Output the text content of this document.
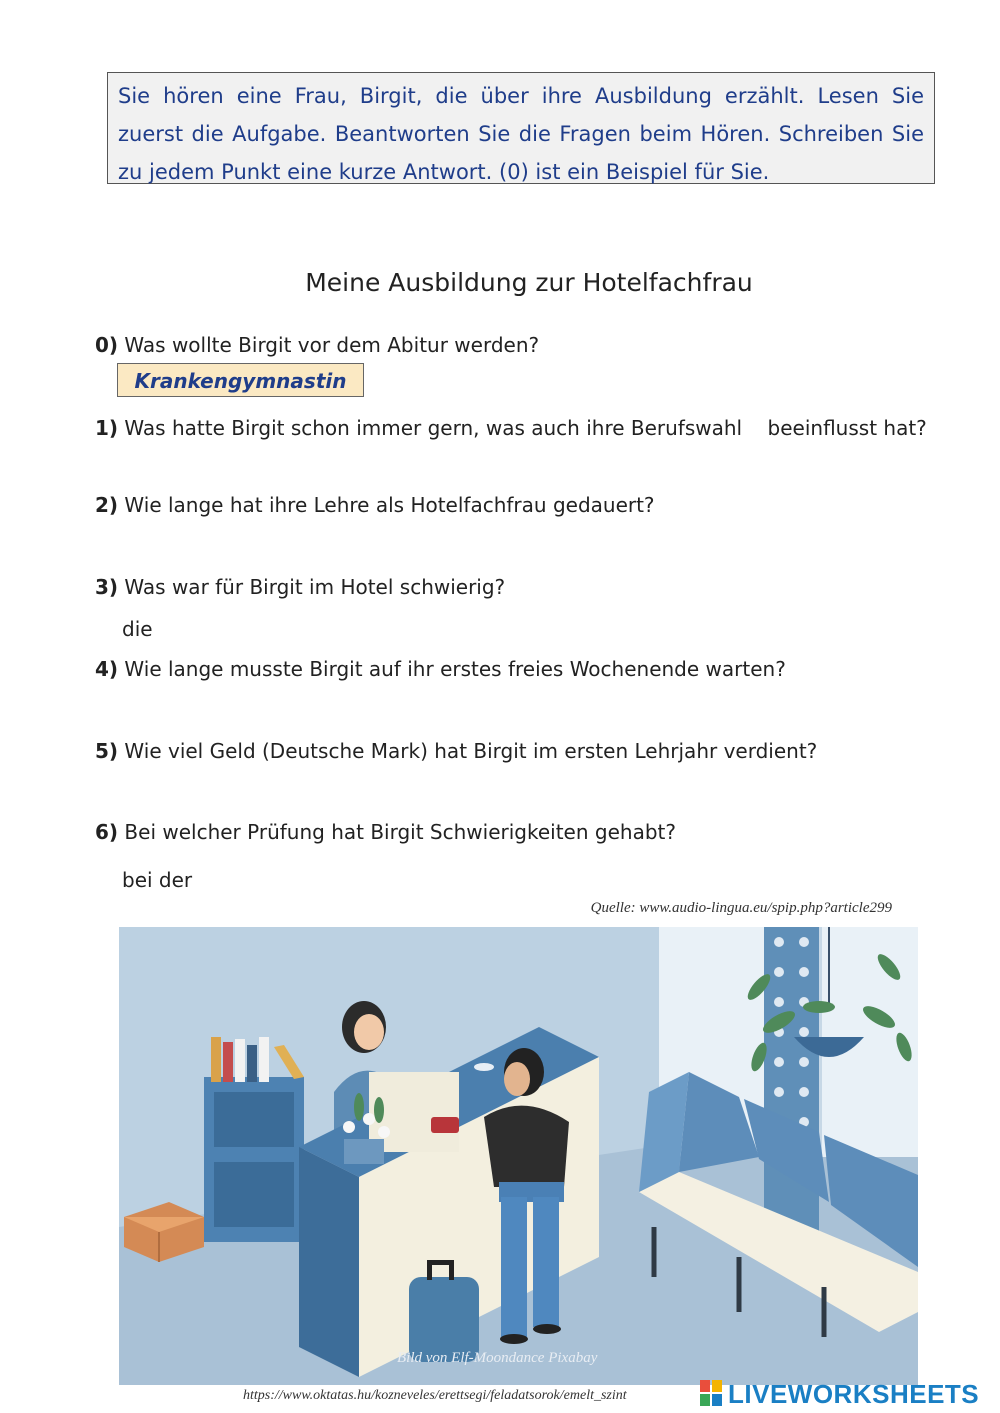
Sie hören eine Frau, Birgit, die über ihre Ausbildung erzählt. Lesen Sie zuerst die Aufgabe. Beantworten Sie die Fragen beim Hören. Schreiben Sie zu jedem Punkt eine kurze Antwort. (0) ist ein Beispiel für Sie.
Meine Ausbildung zur Hotelfachfrau
0) Was wollte Birgit vor dem Abitur werden?
Krankengymnastin
1) Was hatte Birgit schon immer gern, was auch ihre Berufswahl    beeinflusst hat?
2) Wie lange hat ihre Lehre als Hotelfachfrau gedauert?
3) Was war für Birgit im Hotel schwierig?
die
4) Wie lange musste Birgit auf ihr erstes freies Wochenende warten?
5) Wie viel Geld (Deutsche Mark) hat Birgit im ersten Lehrjahr verdient?
6) Bei welcher Prüfung hat Birgit Schwierigkeiten gehabt?
bei der
Quelle: www.audio-lingua.eu/spip.php?article299
Bild von Elf-Moondance Pixabay
https://www.oktatas.hu/kozneveles/erettsegi/feladatsorok/emelt_szint	LIVEWORKSHEETS
